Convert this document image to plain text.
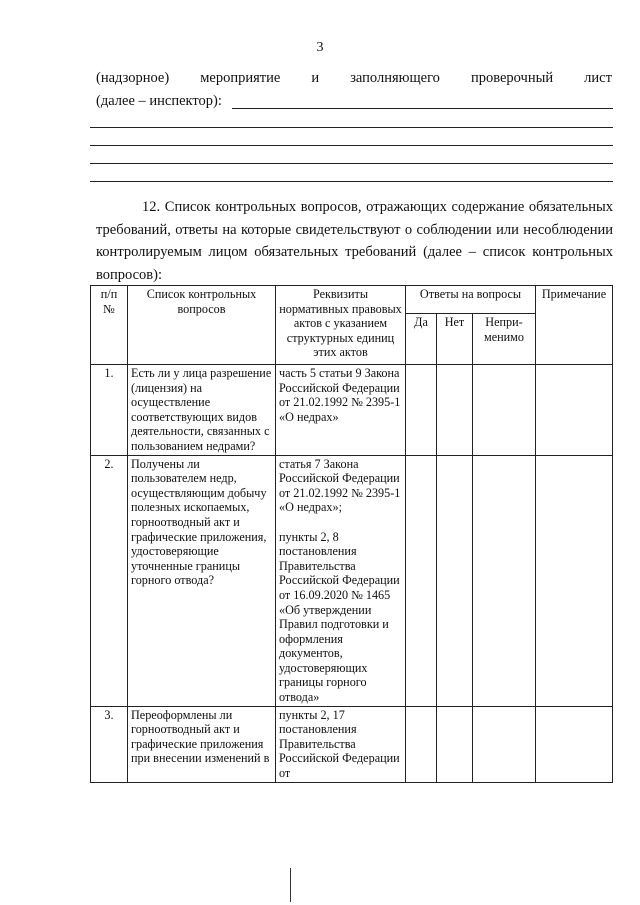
3
(надзорное) мероприятие и заполняющего проверочный лист
(далее – инспектор):
12. Список контрольных вопросов, отражающих содержание обязательных требований, ответы на которые свидетельствуют о соблюдении или несоблюдении контролируемым лицом обязательных требований (далее – список контрольных вопросов):
п/п №	Список контрольных вопросов	Реквизиты нормативных правовых актов с указанием структурных единиц этих актов	Ответы на вопросы			Примечание
			Да	Нет	Непри-менимо	
1.	Есть ли у лица разрешение (лицензия) на осуществление соответствующих видов деятельности, связанных с пользованием недрами?	часть 5 статьи 9 Закона Российской Федерации от 21.02.1992 № 2395-1 «О недрах»				
2.	Получены ли пользователем недр, осуществляющим добычу полезных ископаемых, горноотводный акт и графические приложения, удостоверяющие уточненные границы горного отвода?	статья 7 Закона Российской Федерации от 21.02.1992 № 2395-1 «О недрах»;
пункты 2, 8 постановления Правительства Российской Федерации от 16.09.2020 № 1465 «Об утверждении Правил подготовки и оформления документов, удостоверяющих границы горного отвода»				

3.	Переоформлены ли горноотводный акт и графические приложения при внесении изменений в	пункты 2, 17 постановления Правительства Российской Федерации от				
